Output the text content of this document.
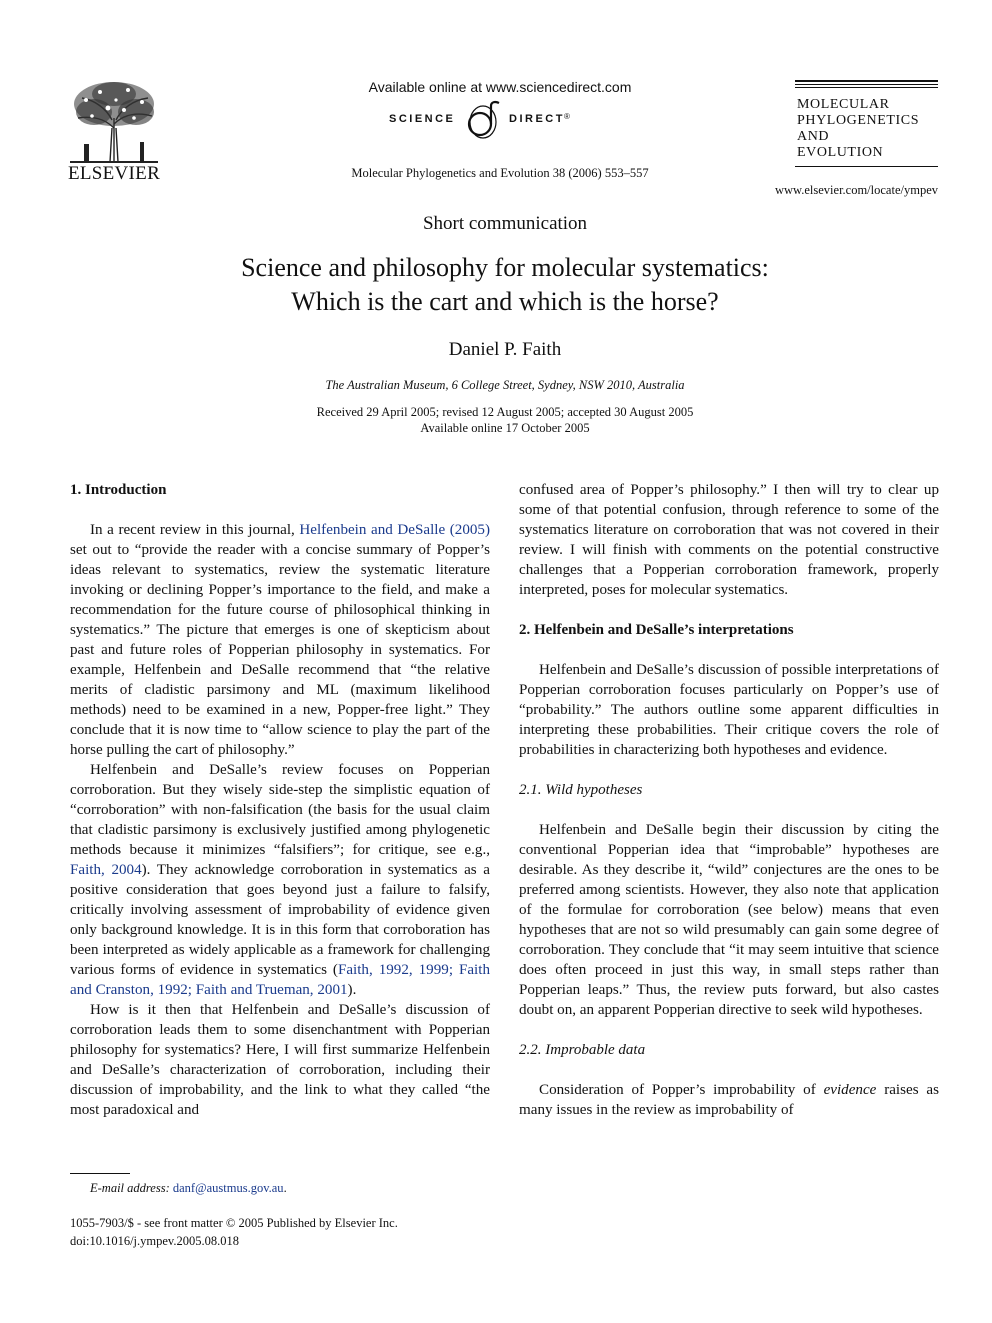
ELSEVIER
Available online at www.sciencedirect.com
SCIENCE	DIRECT ®
Molecular Phylogenetics and Evolution 38 (2006) 553–557
MOLECULAR
PHYLOGENETICS
AND
EVOLUTION
www.elsevier.com/locate/ympev
Short communication
Science and philosophy for molecular systematics:
Which is the cart and which is the horse?
Daniel P. Faith
The Australian Museum, 6 College Street, Sydney, NSW 2010, Australia
Received 29 April 2005; revised 12 August 2005; accepted 30 August 2005
Available online 17 October 2005
1. Introduction

In a recent review in this journal, Helfenbein and DeSalle (2005) set out to “provide the reader with a concise summary of Popper’s ideas relevant to systematics, review the systematic literature invoking or declining Popper’s importance to the field, and make a recommendation for the future course of philosophical thinking in systematics.” The picture that emerges is one of skepticism about past and future roles of Popperian philosophy in systematics. For example, Helfenbein and DeSalle recommend that “the relative merits of cladistic parsimony and ML (maximum likelihood methods) need to be examined in a new, Popper-free light.” They conclude that it is now time to “allow science to play the part of the horse pulling the cart of philosophy.”

Helfenbein and DeSalle’s review focuses on Popperian corroboration. But they wisely side-step the simplistic equation of “corroboration” with non-falsification (the basis for the usual claim that cladistic parsimony is exclusively justified among phylogenetic methods because it minimizes “falsifiers”; for critique, see e.g., Faith, 2004). They acknowledge corroboration in systematics as a positive consideration that goes beyond just a failure to falsify, critically involving assessment of improbability of evidence given only background knowledge. It is in this form that corroboration has been interpreted as widely applicable as a framework for challenging various forms of evidence in systematics (Faith, 1992, 1999; Faith and Cranston, 1992; Faith and Trueman, 2001).

How is it then that Helfenbein and DeSalle’s discussion of corroboration leads them to some disenchantment with Popperian philosophy for systematics? Here, I will first summarize Helfenbein and DeSalle’s characterization of corroboration, including their discussion of improbability, and the link to what they called “the most paradoxical and

confused area of Popper’s philosophy.” I then will try to clear up some of that potential confusion, through reference to some of the systematics literature on corroboration that was not covered in their review. I will finish with comments on the potential constructive challenges that a Popperian corroboration framework, properly interpreted, poses for molecular systematics.

2. Helfenbein and DeSalle’s interpretations

Helfenbein and DeSalle’s discussion of possible interpretations of Popperian corroboration focuses particularly on Popper’s use of “probability.” The authors outline some apparent difficulties in interpreting these probabilities. Their critique covers the role of probabilities in characterizing both hypotheses and evidence.

2.1. Wild hypotheses

Helfenbein and DeSalle begin their discussion by citing the conventional Popperian idea that “improbable” hypotheses are desirable. As they describe it, “wild” conjectures are the ones to be preferred among scientists. However, they also note that application of the formulae for corroboration (see below) means that even hypotheses that are not so wild presumably can gain some degree of corroboration. They conclude that “it may seem intuitive that science does often proceed in just this way, in small steps rather than Popperian leaps.” Thus, the review puts forward, but also castes doubt on, an apparent Popperian directive to seek wild hypotheses.

2.2. Improbable data

Consideration of Popper’s improbability of evidence raises as many issues in the review as improbability of

E-mail address: danf@austmus.gov.au.
1055-7903/$ - see front matter © 2005 Published by Elsevier Inc.
doi:10.1016/j.ympev.2005.08.018
